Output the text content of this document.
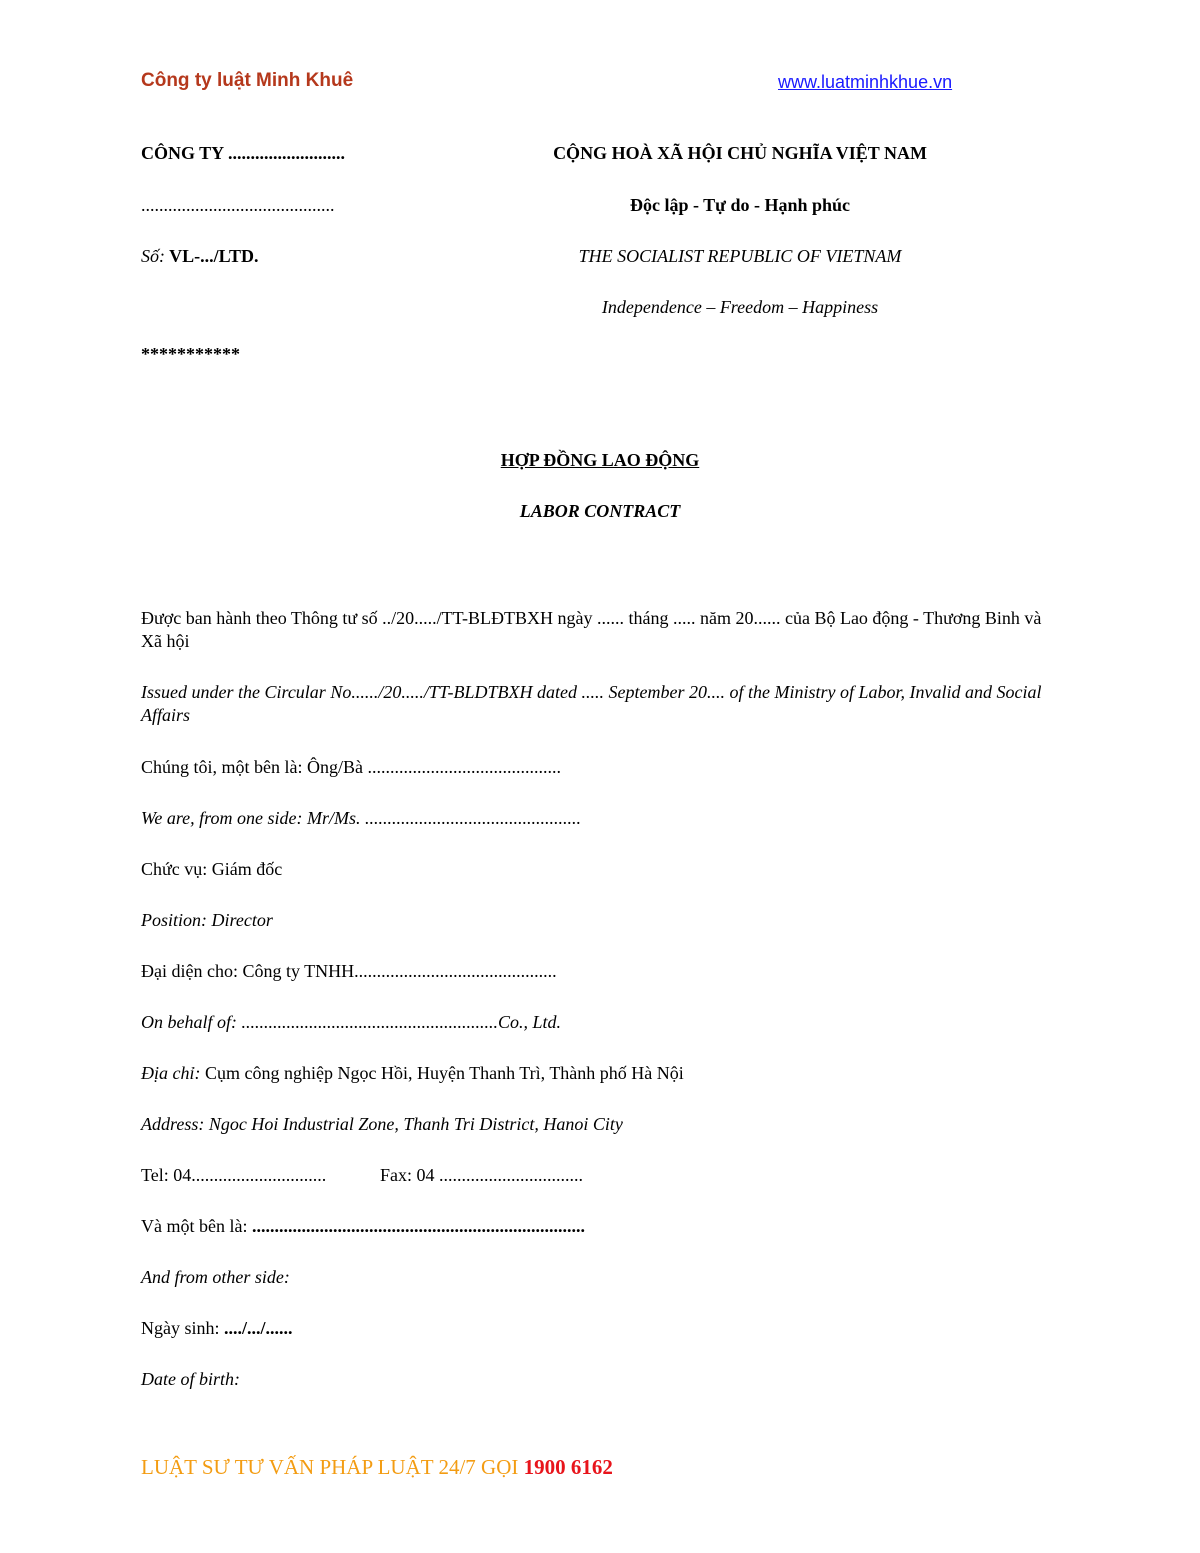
Công ty luật Minh Khuê	www.luatminhkhue.vn
CÔNG TY ..........................
...........................................
Số: VL-.../LTD.
***********
CỘNG HOÀ XÃ HỘI CHỦ NGHĨA VIỆT NAM
Độc lập - Tự do - Hạnh phúc
THE SOCIALIST REPUBLIC OF VIETNAM
Independence – Freedom – Happiness
HỢP ĐỒNG LAO ĐỘNG
LABOR CONTRACT
Được ban hành theo Thông tư số ../20...../TT-BLĐTBXH ngày ...... tháng ..... năm 20...... của Bộ Lao động - Thương Binh và Xã hội
Issued under the Circular No....../20...../TT-BLDTBXH dated ..... September 20.... of the Ministry of Labor, Invalid and Social Affairs
Chúng tôi, một bên là: Ông/Bà ...........................................
We are, from one side: Mr/Ms. ................................................
Chức vụ: Giám đốc
Position: Director
Đại diện cho: Công ty TNHH.............................................
On behalf of: .........................................................Co., Ltd.
Địa chỉ: Cụm công nghiệp Ngọc Hồi, Huyện Thanh Trì, Thành phố Hà Nội
Address: Ngoc Hoi Industrial Zone, Thanh Tri District, Hanoi City
Tel: 04..............................	Fax: 04 ................................
Và một bên là: ..........................................................................
And from other side:
Ngày sinh: ..../.../......
Date of birth:
LUẬT SƯ TƯ VẤN PHÁP LUẬT 24/7 GỌI 1900 6162
